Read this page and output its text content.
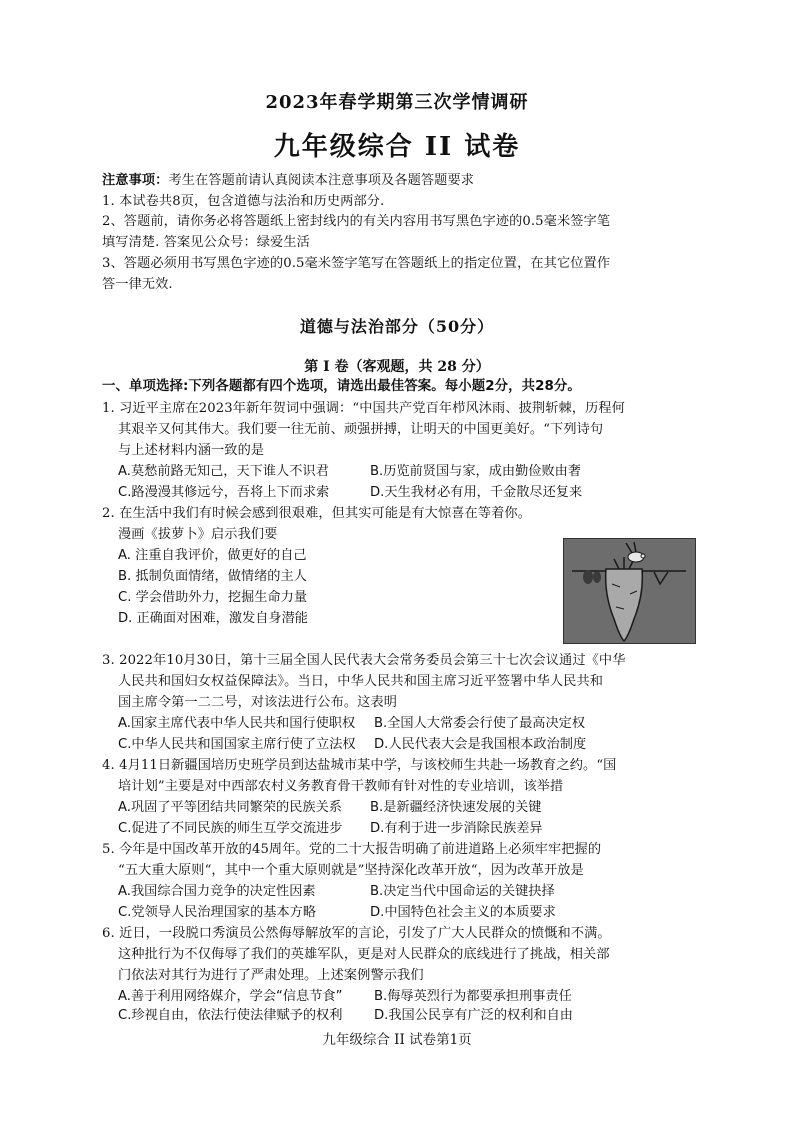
2023年春学期第三次学情调研
九年级综合 II 试卷
注意事项：考生在答题前请认真阅读本注意事项及各题答题要求
1. 本试卷共8页，包含道德与法治和历史两部分.
2、答题前，请你务必将答题纸上密封线内的有关内容用书写黑色字迹的0.5毫米签字笔
填写清楚. 答案见公众号：绿爱生活
3、答题必须用书写黑色字迹的0.5毫米签字笔写在答题纸上的指定位置，在其它位置作
答一律无效.
道德与法治部分（50分）
第 I 卷（客观题，共 28 分）
一、单项选择:下列各题都有四个选项，请选出最佳答案。每小题2分，共28分。
1. 习近平主席在2023年新年贺词中强调：“中国共产党百年栉风沐雨、披荆斩棘，历程何
其艰辛又何其伟大。我们要一往无前、顽强拼搏，让明天的中国更美好。“下列诗句
与上述材料内涵一致的是
A.莫愁前路无知己，天下谁人不识君	B.历览前贤国与家，成由勤俭败由奢
C.路漫漫其修远兮，吾将上下而求索	D.天生我材必有用，千金散尽还复来
2. 在生活中我们有时候会感到很艰难，但其实可能是有大惊喜在等着你。
漫画《拔萝卜》启示我们要
A. 注重自我评价，做更好的自己
B. 抵制负面情绪，做情绪的主人
C. 学会借助外力，挖掘生命力量
D. 正确面对困难，激发自身潜能
3. 2022年10月30日，第十三届全国人民代表大会常务委员会第三十七次会议通过《中华
人民共和国妇女权益保障法》。当日，中华人民共和国主席习近平签署中华人民共和
国主席令第一二二号，对该法进行公布。这表明
A.国家主席代表中华人民共和国行使职权 B.全国人大常委会行使了最高决定权
C.中华人民共和国国家主席行使了立法权 D.人民代表大会是我国根本政治制度
4. 4月11日新疆国培历史班学员到达盐城市某中学，与该校师生共赴一场教育之约。“国
培计划”主要是对中西部农村义务教育骨干教师有针对性的专业培训，该举措
A.巩固了平等团结共同繁荣的民族关系 B.是新疆经济快速发展的关键
C.促进了不同民族的师生互学交流进步 D.有利于进一步消除民族差异
5. 今年是中国改革开放的45周年。党的二十大报告明确了前进道路上必须牢牢把握的
“五大重大原则“，其中一个重大原则就是”坚持深化改革开放“，因为改革开放是
A.我国综合国力竞争的决定性因素	B.决定当代中国命运的关键抉择
C.党领导人民治理国家的基本方略	D.中国特色社会主义的本质要求
6. 近日，一段脱口秀演员公然侮辱解放军的言论，引发了广大人民群众的愤慨和不满。
这种批行为不仅侮辱了我们的英雄军队，更是对人民群众的底线进行了挑战，相关部
门依法对其行为进行了严肃处理。上述案例警示我们
A.善于利用网络媒介，学会“信息节食” B.侮辱英烈行为都要承担刑事责任
C.珍视自由，依法行使法律赋予的权利 D.我国公民享有广泛的权利和自由
九年级综合 II 试卷第1页
